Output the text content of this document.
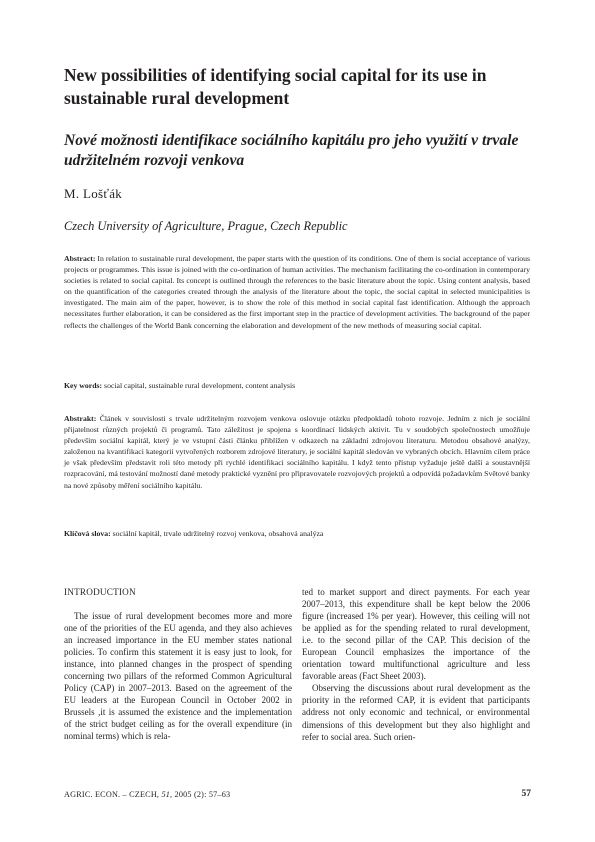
New possibilities of identifying social capital for its use in sustainable rural development
Nové možnosti identifikace sociálního kapitálu pro jeho využití v trvale udržitelném rozvoji venkova
M. Lošťák
Czech University of Agriculture, Prague, Czech Republic

Abstract: In relation to sustainable rural development, the paper starts with the question of its conditions. One of them is social acceptance of various projects or programmes. This issue is joined with the co-ordination of human activities. The mechanism facilitating the co-ordination in contemporary societies is related to social capital. Its concept is outlined through the references to the basic literature about the topic. Using content analysis, based on the quantification of the categories created through the analysis of the literature about the topic, the social capital in selected municipalities is investigated. The main aim of the paper, however, is to show the role of this method in social capital fast identification. Although the approach necessitates further elaboration, it can be considered as the first important step in the practice of development activities. The background of the paper reflects the challenges of the World Bank concerning the elaboration and development of the new methods of measuring social capital.

Key words: social capital, sustainable rural development, content analysis

Abstrakt: Článek v souvislosti s trvale udržitelným rozvojem venkova oslovuje otázku předpokladů tohoto rozvoje. Jedním z nich je sociální přijatelnost různých projektů či programů. Tato záležitost je spojena s koordinací lidských aktivit. Tu v soudobých společnostech umožňuje především sociální kapitál, který je ve vstupní části článku přiblížen v odkazech na základní zdrojovou literaturu. Metodou obsahové analýzy, založenou na kvantifikaci kategorií vytvořených rozborem zdrojové literatury, je sociální kapitál sledován ve vybraných obcích. Hlavním cílem práce je však především představit roli této metody při rychlé identifikaci sociálního kapitálu. I když tento přístup vyžaduje ještě další a soustavnější rozpracování, má testování možností dané metody praktické vyznění pro připravovatele rozvojových projektů a odpovídá požadavkům Světové banky na nové způsoby měření sociálního kapitálu.

Klíčová slova: sociální kapitál, trvale udržitelný rozvoj venkova, obsahová analýza

INTRODUCTION

The issue of rural development becomes more and more one of the priorities of the EU agenda, and they also achieves an increased importance in the EU member states national policies. To confirm this statement it is easy just to look, for instance, into planned changes in the prospect of spending concerning two pillars of the reformed Common Agricultural Policy (CAP) in 2007–2013. Based on the agreement of the EU leaders at the European Council in October 2002 in Brussels ,it is assumed the existence and the implementation of the strict budget ceiling as for the overall expenditure (in nominal terms) which is rela-

ted to market support and direct payments. For each year 2007–2013, this expenditure shall be kept below the 2006 figure (increased 1% per year). However, this ceiling will not be applied as for the spending related to rural development, i.e. to the second pillar of the CAP. This decision of the European Council emphasizes the importance of the orientation toward multifunctional agriculture and less favorable areas (Fact Sheet 2003).

Observing the discussions about rural development as the priority in the reformed CAP, it is evident that participants address not only economic and technical, or environmental dimensions of this development but they also highlight and refer to social area. Such orien-

AGRIC. ECON. – CZECH, 51, 2005 (2): 57–63	57
